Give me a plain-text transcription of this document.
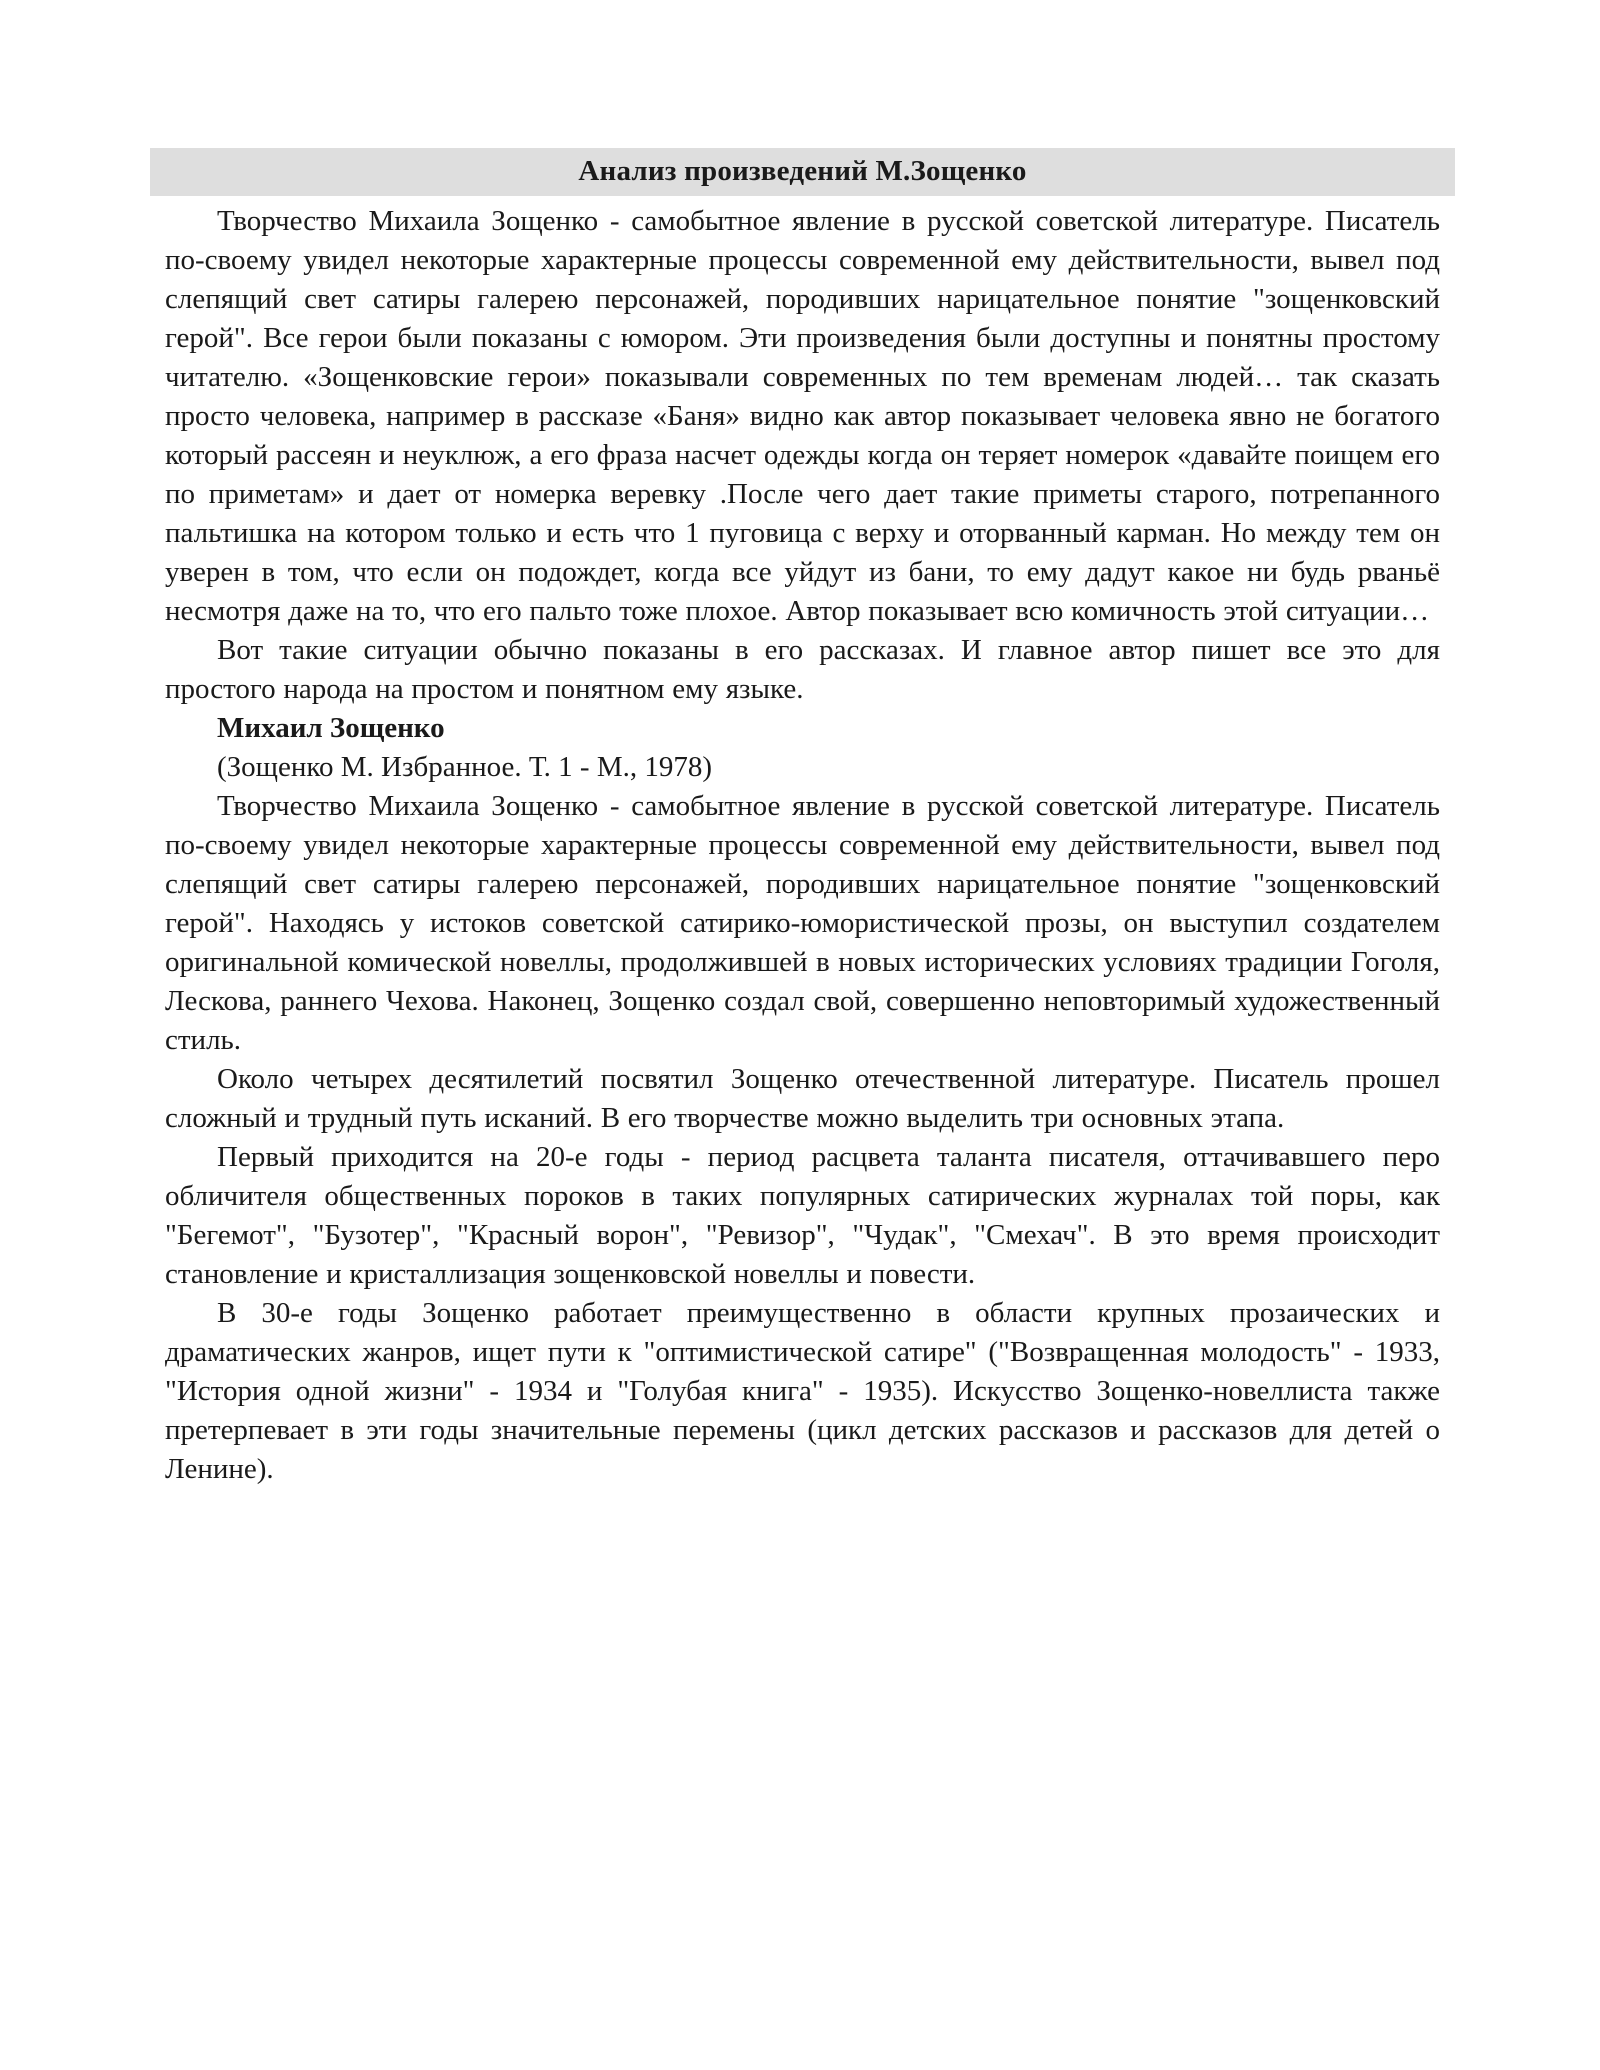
Анализ произведений М.Зощенко

Творчество Михаила Зощенко - самобытное явление в русской советской литературе. Писатель по-своему увидел некоторые характерные процессы современной ему действительности, вывел под слепящий свет сатиры галерею персонажей, породивших нарицательное понятие "зощенковский герой". Все герои были показаны с юмором. Эти произведения были доступны и понятны простому читателю. «Зощенковские герои» показывали современных по тем временам людей… так сказать просто человека, например в рассказе «Баня» видно как автор показывает человека явно не богатого который рассеян и неуклюж, а его фраза насчет одежды когда он теряет номерок «давайте поищем его по приметам» и дает от номерка веревку .После чего дает такие приметы старого, потрепанного пальтишка на котором только и есть что 1 пуговица с верху и оторванный карман. Но между тем он уверен в том, что если он подождет, когда все уйдут из бани, то ему дадут какое ни будь рваньё несмотря даже на то, что его пальто тоже плохое. Автор показывает всю комичность этой ситуации…

Вот такие ситуации обычно показаны в его рассказах. И главное автор пишет все это для простого народа на простом и понятном ему языке.

Михаил Зощенко

(Зощенко М. Избранное. Т. 1 - М., 1978)

Творчество Михаила Зощенко - самобытное явление в русской советской литературе. Писатель по-своему увидел некоторые характерные процессы современной ему действительности, вывел под слепящий свет сатиры галерею персонажей, породивших нарицательное понятие "зощенковский герой". Находясь у истоков советской сатирико-юмористической прозы, он выступил создателем оригинальной комической новеллы, продолжившей в новых исторических условиях традиции Гоголя, Лескова, раннего Чехова. Наконец, Зощенко создал свой, совершенно неповторимый художественный стиль.

Около четырех десятилетий посвятил Зощенко отечественной литературе. Писатель прошел сложный и трудный путь исканий. В его творчестве можно выделить три основных этапа.

Первый приходится на 20-е годы - период расцвета таланта писателя, оттачивавшего перо обличителя общественных пороков в таких популярных сатирических журналах той поры, как "Бегемот", "Бузотер", "Красный ворон", "Ревизор", "Чудак", "Смехач". В это время происходит становление и кристаллизация зощенковской новеллы и повести.

В 30-е годы Зощенко работает преимущественно в области крупных прозаических и драматических жанров, ищет пути к "оптимистической сатире" ("Возвращенная молодость" - 1933, "История одной жизни" - 1934 и "Голубая книга" - 1935). Искусство Зощенко-новеллиста также претерпевает в эти годы значительные перемены (цикл детских рассказов и рассказов для детей о Ленине).
